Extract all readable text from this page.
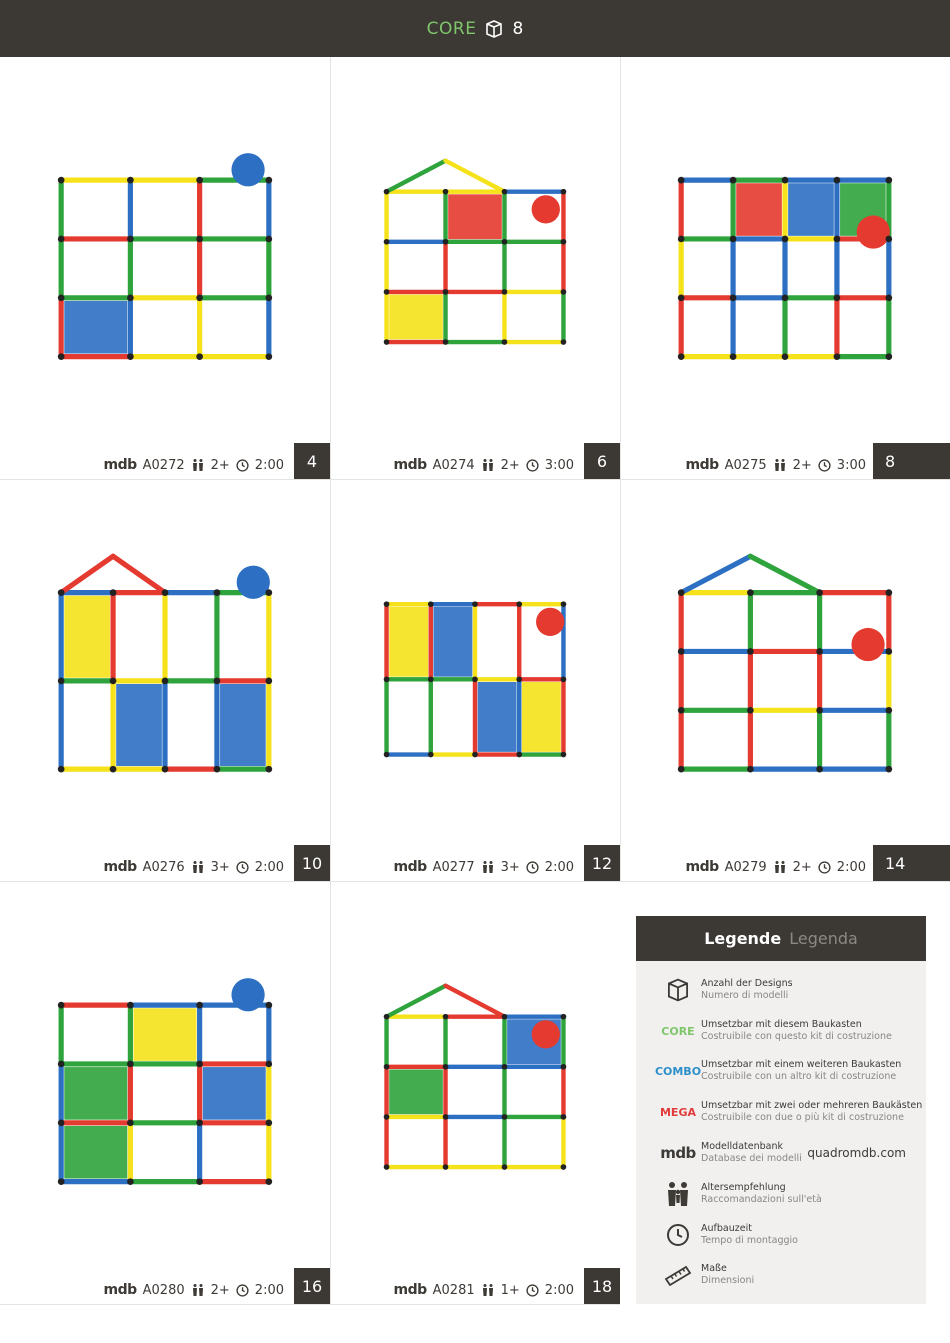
CORE 8
mdb A0272 2+ 2:00	4	mdb A0274 2+ 3:00	6	mdb A0275 2+ 3:00	8
mdb A0276 3+ 2:00	10	mdb A0277 3+ 2:00	12	mdb A0279 2+ 2:00	14
mdb A0280 2+ 2:00	16	mdb A0281 1+ 2:00	18
Legende Legenda
Anzahl der Designs
Numero di modelli
CORE Umsetzbar mit diesem Baukasten
Costruibile con questo kit di costruzione
COMBO Umsetzbar mit einem weiteren Baukasten
Costruibile con un altro kit di costruzione
MEGA Umsetzbar mit zwei oder mehreren Baukästen
Costruibile con due o più kit di costruzione
mdb Modelldatenbank
Database dei modelli quadromdb.com
Altersempfehlung
Raccomandazioni sull'età
Aufbauzeit
Tempo di montaggio
Maße
Dimensioni
